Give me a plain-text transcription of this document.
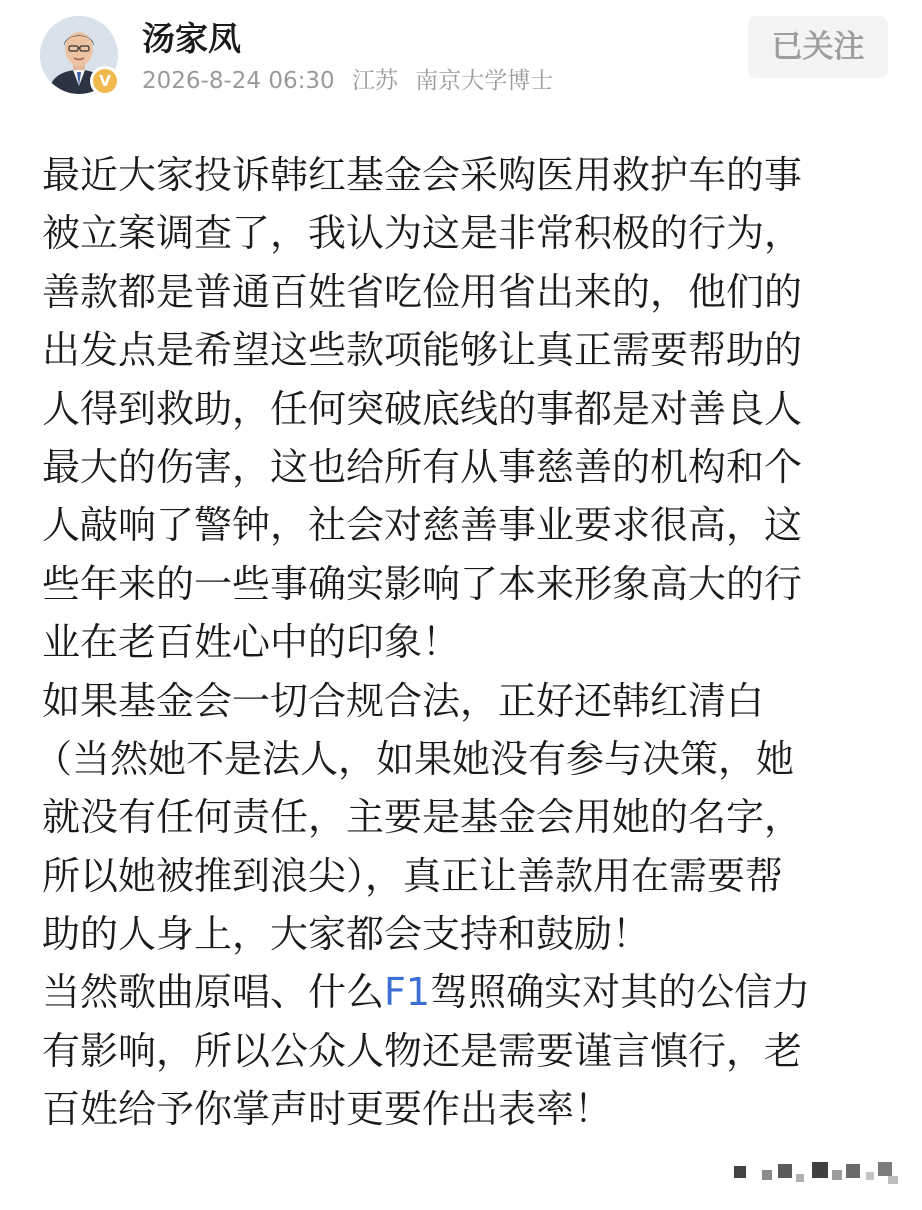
V
汤家凤
2026-8-24 06:30 江苏 南京大学博士
已关注
最近大家投诉韩红基金会采购医用救护车的事
被立案调查了，我认为这是非常积极的行为，
善款都是普通百姓省吃俭用省出来的，他们的
出发点是希望这些款项能够让真正需要帮助的
人得到救助，任何突破底线的事都是对善良人
最大的伤害，这也给所有从事慈善的机构和个
人敲响了警钟，社会对慈善事业要求很高，这
些年来的一些事确实影响了本来形象高大的行
业在老百姓心中的印象！
如果基金会一切合规合法，正好还韩红清白
（当然她不是法人，如果她没有参与决策，她
就没有任何责任，主要是基金会用她的名字，
所以她被推到浪尖），真正让善款用在需要帮
助的人身上，大家都会支持和鼓励！
当然歌曲原唱、什么F1驾照确实对其的公信力
有影响，所以公众人物还是需要谨言慎行，老
百姓给予你掌声时更要作出表率！
